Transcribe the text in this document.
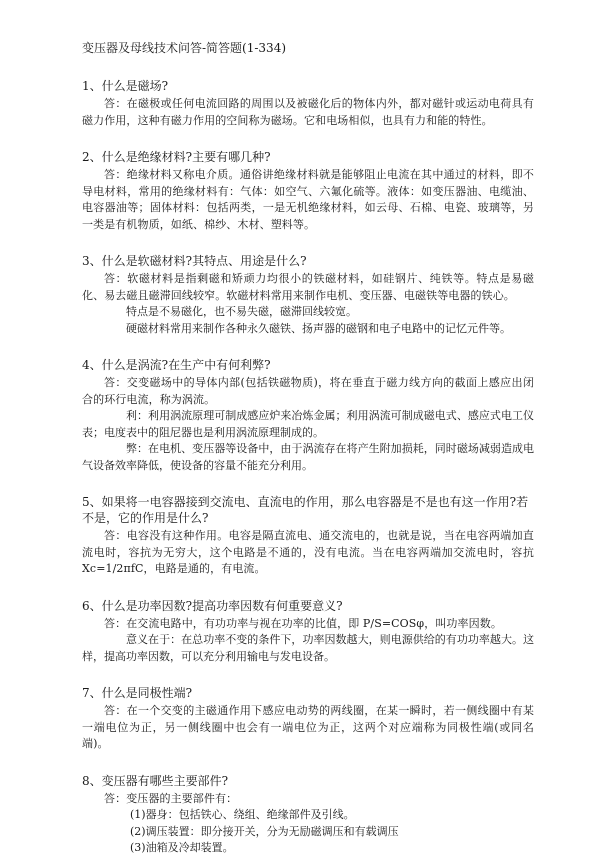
变压器及母线技术问答-简答题(1-334)

1、什么是磁场?

答：在磁极或任何电流回路的周围以及被磁化后的物体内外，都对磁针或运动电荷具有磁力作用，这种有磁力作用的空间称为磁场。它和电场相似，也具有力和能的特性。

2、什么是绝缘材料?主要有哪几种?

答：绝缘材料又称电介质。通俗讲绝缘材料就是能够阻止电流在其中通过的材料，即不导电材料，常用的绝缘材料有：气体：如空气、六氟化硫等。液体：如变压器油、电缆油、电容器油等；固体材料：包括两类，一是无机绝缘材料，如云母、石棉、电瓷、玻璃等，另一类是有机物质，如纸、棉纱、木材、塑料等。

3、什么是软磁材料?其特点、用途是什么?

答：软磁材料是指剩磁和矫顽力均很小的铁磁材料，如硅钢片、纯铁等。特点是易磁化、易去磁且磁滞回线较窄。软磁材料常用来制作电机、变压器、电磁铁等电器的铁心。

特点是不易磁化，也不易失磁，磁滞回线较宽。

硬磁材料常用来制作各种永久磁铁、扬声器的磁钢和电子电路中的记忆元件等。

4、什么是涡流?在生产中有何利弊?

答：交变磁场中的导体内部(包括铁磁物质)，将在垂直于磁力线方向的截面上感应出闭合的环行电流，称为涡流。

利：利用涡流原理可制成感应炉来冶炼金属；利用涡流可制成磁电式、感应式电工仪表；电度表中的阻尼器也是利用涡流原理制成的。

弊：在电机、变压器等设备中，由于涡流存在将产生附加损耗，同时磁场减弱造成电气设备效率降低，使设备的容量不能充分利用。

5、如果将一电容器接到交流电、直流电的作用，那么电容器是不是也有这一作用?若不是，它的作用是什么?

答：电容没有这种作用。电容是隔直流电、通交流电的，也就是说，当在电容两端加直流电时，容抗为无穷大，这个电路是不通的，没有电流。当在电容两端加交流电时，容抗 Xc=1/2πfC，电路是通的，有电流。

6、什么是功率因数?提高功率因数有何重要意义?

答：在交流电路中，有功功率与视在功率的比值，即 P/S=COSφ，叫功率因数。

意义在于：在总功率不变的条件下，功率因数越大，则电源供给的有功功率越大。这样，提高功率因数，可以充分利用输电与发电设备。

7、什么是同极性端?

答：在一个交变的主磁通作用下感应电动势的两线圈，在某一瞬时，若一侧线圈中有某一端电位为正，另一侧线圈中也会有一端电位为正，这两个对应端称为同极性端(或同名端)。

8、变压器有哪些主要部件?

答：变压器的主要部件有：

(1)器身：包括铁心、绕组、绝缘部件及引线。

(2)调压装置：即分接开关，分为无励磁调压和有载调压

(3)油箱及冷却装置。
